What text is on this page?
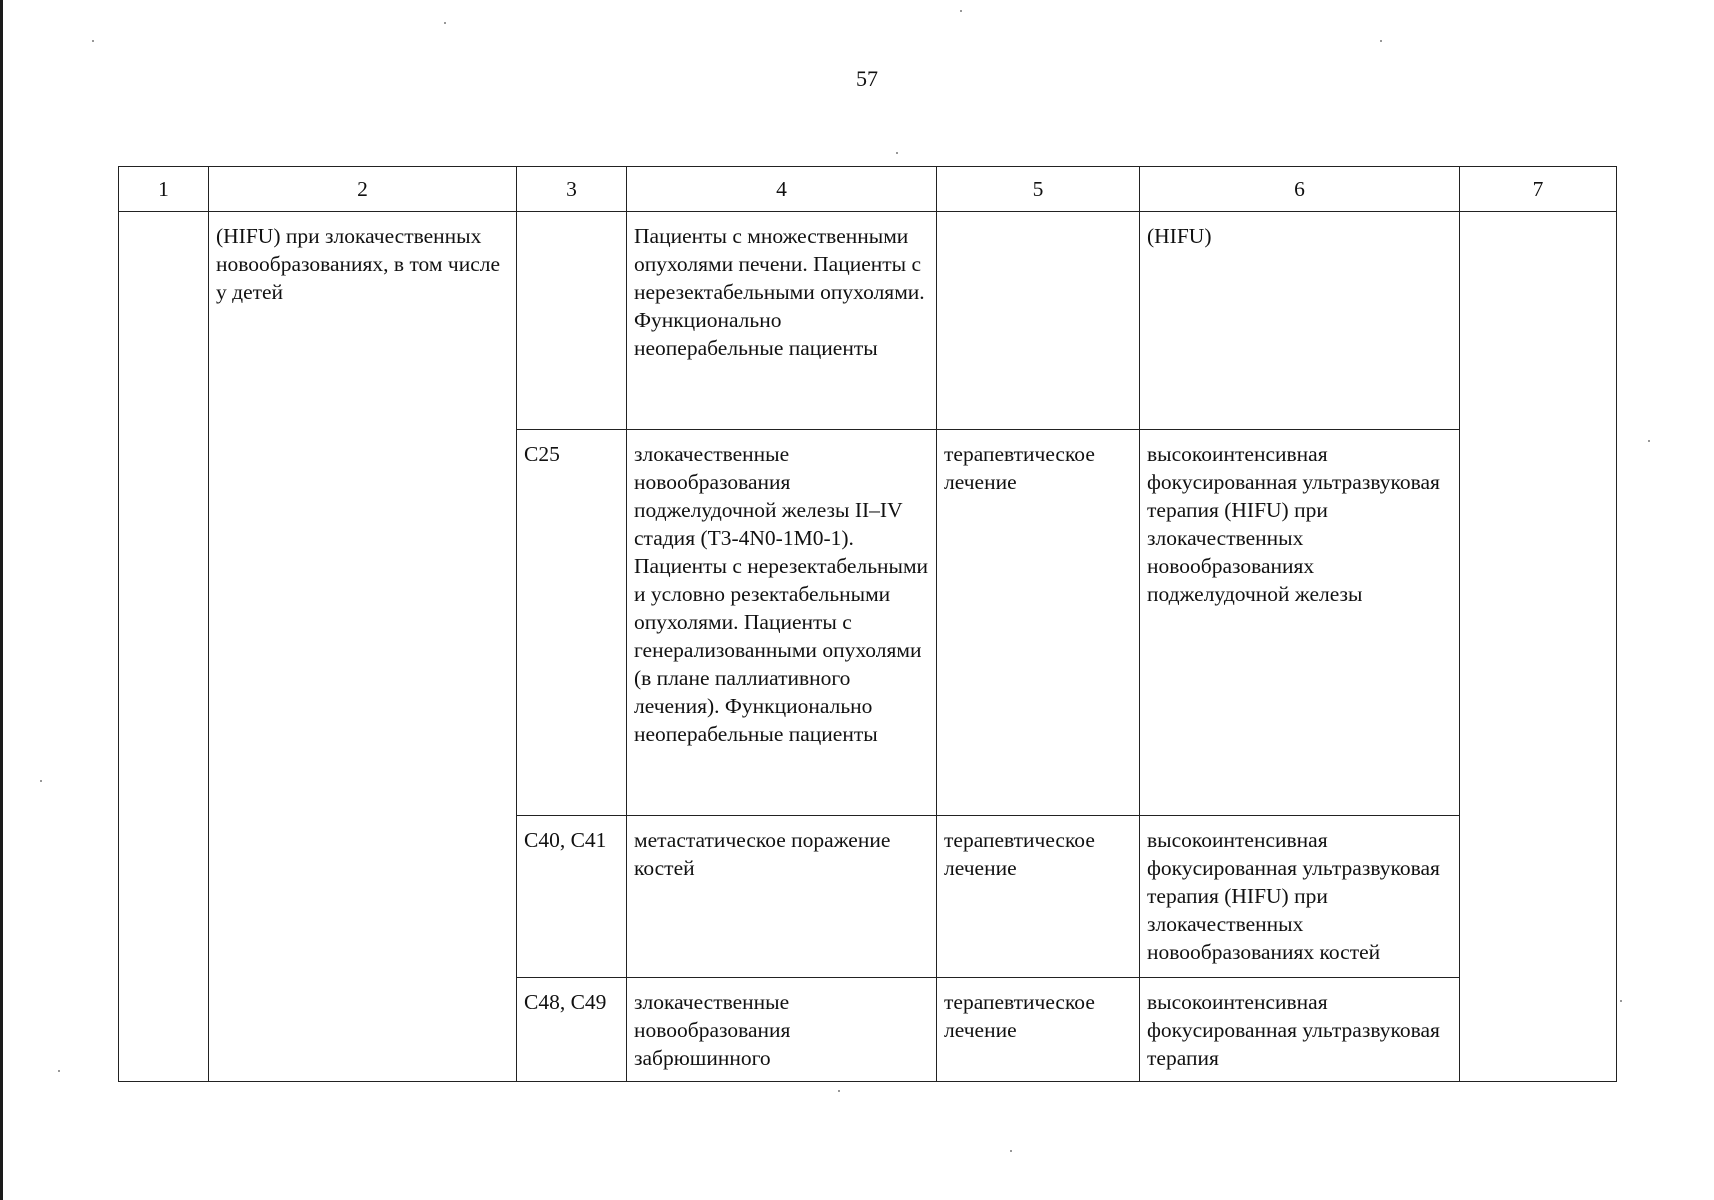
57
1	2	3	4	5	6	7
	(HIFU) при злокачественных новообразованиях, в том числе у детей		Пациенты с множественными опухолями печени. Пациенты с нерезектабельными опухолями. Функционально неоперабельные пациенты		(HIFU)	
		C25	злокачественные новообразования поджелудочной железы II–IV стадия (T3-4N0-1M0-1). Пациенты с нерезектабельными и условно резектабельными опухолями. Пациенты с генерализованными опухолями (в плане паллиативного лечения). Функционально неоперабельные пациенты	терапевтическое лечение	высокоинтенсивная фокусированная ультразвуковая терапия (HIFU) при злокачественных новообразованиях поджелудочной железы	
		C40, C41	метастатическое поражение костей	терапевтическое лечение	высокоинтенсивная фокусированная ультразвуковая терапия (HIFU) при злокачественных новообразованиях костей	
		C48, C49	злокачественные новообразования забрюшинного	терапевтическое лечение	высокоинтенсивная фокусированная ультразвуковая терапия	
